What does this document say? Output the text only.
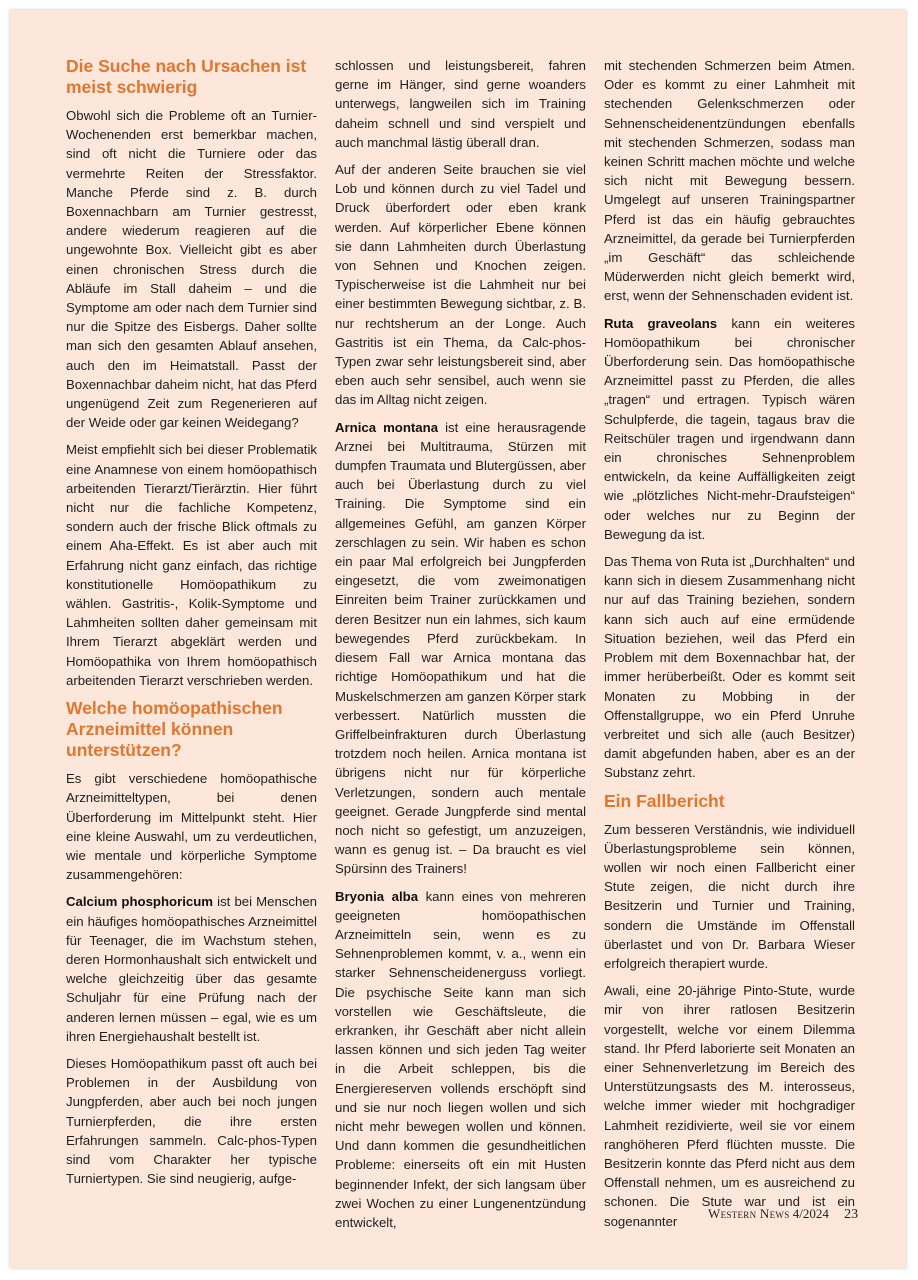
Die Suche nach Ursachen ist meist schwierig

Obwohl sich die Probleme oft an Turnier-Wochenenden erst bemerkbar machen, sind oft nicht die Turniere oder das vermehrte Reiten der Stressfaktor. Manche Pferde sind z. B. durch Boxennachbarn am Turnier gestresst, andere wiederum reagieren auf die ungewohnte Box. Vielleicht gibt es aber einen chronischen Stress durch die Abläufe im Stall daheim – und die Symptome am oder nach dem Turnier sind nur die Spitze des Eisbergs. Daher sollte man sich den gesamten Ablauf ansehen, auch den im Heimatstall. Passt der Boxennachbar daheim nicht, hat das Pferd ungenügend Zeit zum Regenerieren auf der Weide oder gar keinen Weidegang?

Meist empfiehlt sich bei dieser Problematik eine Anamnese von einem homöopathisch arbeitenden Tierarzt/Tierärztin. Hier führt nicht nur die fachliche Kompetenz, sondern auch der frische Blick oftmals zu einem Aha-Effekt. Es ist aber auch mit Erfahrung nicht ganz einfach, das richtige konstitutionelle Homöopathikum zu wählen. Gastritis-, Kolik-Symptome und Lahmheiten sollten daher gemeinsam mit Ihrem Tierarzt abgeklärt werden und Homöopathika von Ihrem homöopathisch arbeitenden Tierarzt verschrieben werden.

Welche homöopathischen Arzneimittel können unterstützen?

Es gibt verschiedene homöopathische Arzneimitteltypen, bei denen Überforderung im Mittelpunkt steht. Hier eine kleine Auswahl, um zu verdeutlichen, wie mentale und körperliche Symptome zusammengehören:

Calcium phosphoricum ist bei Menschen ein häufiges homöopathisches Arzneimittel für Teenager, die im Wachstum stehen, deren Hormonhaushalt sich entwickelt und welche gleichzeitig über das gesamte Schuljahr für eine Prüfung nach der anderen lernen müssen – egal, wie es um ihren Energiehaushalt bestellt ist.

Dieses Homöopathikum passt oft auch bei Problemen in der Ausbildung von Jungpferden, aber auch bei noch jungen Turnierpferden, die ihre ersten Erfahrungen sammeln. Calc-phos-Typen sind vom Charakter her typische Turniertypen. Sie sind neugierig, aufge-

schlossen und leistungsbereit, fahren gerne im Hänger, sind gerne woanders unterwegs, langweilen sich im Training daheim schnell und sind verspielt und auch manchmal lästig überall dran.

Auf der anderen Seite brauchen sie viel Lob und können durch zu viel Tadel und Druck überfordert oder eben krank werden. Auf körperlicher Ebene können sie dann Lahmheiten durch Überlastung von Sehnen und Knochen zeigen. Typischerweise ist die Lahmheit nur bei einer bestimmten Bewegung sichtbar, z. B. nur rechtsherum an der Longe. Auch Gastritis ist ein Thema, da Calc-phos-Typen zwar sehr leistungsbereit sind, aber eben auch sehr sensibel, auch wenn sie das im Alltag nicht zeigen.

Arnica montana ist eine herausragende Arznei bei Multitrauma, Stürzen mit dumpfen Traumata und Blutergüssen, aber auch bei Überlastung durch zu viel Training. Die Symptome sind ein allgemeines Gefühl, am ganzen Körper zerschlagen zu sein. Wir haben es schon ein paar Mal erfolgreich bei Jungpferden eingesetzt, die vom zweimonatigen Einreiten beim Trainer zurückkamen und deren Besitzer nun ein lahmes, sich kaum bewegendes Pferd zurückbekam. In diesem Fall war Arnica montana das richtige Homöopathikum und hat die Muskelschmerzen am ganzen Körper stark verbessert. Natürlich mussten die Griffelbeinfrakturen durch Überlastung trotzdem noch heilen. Arnica montana ist übrigens nicht nur für körperliche Verletzungen, sondern auch mentale geeignet. Gerade Jungpferde sind mental noch nicht so gefestigt, um anzuzeigen, wann es genug ist. – Da braucht es viel Spürsinn des Trainers!

Bryonia alba kann eines von mehreren geeigneten homöopathischen Arzneimitteln sein, wenn es zu Sehnenproblemen kommt, v. a., wenn ein starker Sehnenscheidenerguss vorliegt. Die psychische Seite kann man sich vorstellen wie Geschäftsleute, die erkranken, ihr Geschäft aber nicht allein lassen können und sich jeden Tag weiter in die Arbeit schleppen, bis die Energiereserven vollends erschöpft sind und sie nur noch liegen wollen und sich nicht mehr bewegen wollen und können. Und dann kommen die gesundheitlichen Probleme: einerseits oft ein mit Husten beginnender Infekt, der sich langsam über zwei Wochen zu einer Lungenentzündung entwickelt,

mit stechenden Schmerzen beim Atmen. Oder es kommt zu einer Lahmheit mit stechenden Gelenkschmerzen oder Sehnenscheidenentzündungen ebenfalls mit stechenden Schmerzen, sodass man keinen Schritt machen möchte und welche sich nicht mit Bewegung bessern. Umgelegt auf unseren Trainingspartner Pferd ist das ein häufig gebrauchtes Arzneimittel, da gerade bei Turnierpferden „im Geschäft“ das schleichende Müderwerden nicht gleich bemerkt wird, erst, wenn der Sehnenschaden evident ist.

Ruta graveolans kann ein weiteres Homöopathikum bei chronischer Überforderung sein. Das homöopathische Arzneimittel passt zu Pferden, die alles „tragen“ und ertragen. Typisch wären Schulpferde, die tagein, tagaus brav die Reitschüler tragen und irgendwann dann ein chronisches Sehnenproblem entwickeln, da keine Auffälligkeiten zeigt wie „plötzliches Nicht-mehr-Draufsteigen“ oder welches nur zu Beginn der Bewegung da ist.

Das Thema von Ruta ist „Durchhalten“ und kann sich in diesem Zusammenhang nicht nur auf das Training beziehen, sondern kann sich auch auf eine ermüdende Situation beziehen, weil das Pferd ein Problem mit dem Boxennachbar hat, der immer herüberbeißt. Oder es kommt seit Monaten zu Mobbing in der Offenstallgruppe, wo ein Pferd Unruhe verbreitet und sich alle (auch Besitzer) damit abgefunden haben, aber es an der Substanz zehrt.

Ein Fallbericht

Zum besseren Verständnis, wie individuell Überlastungsprobleme sein können, wollen wir noch einen Fallbericht einer Stute zeigen, die nicht durch ihre Besitzerin und Turnier und Training, sondern die Umstände im Offenstall überlastet und von Dr. Barbara Wieser erfolgreich therapiert wurde.

Awali, eine 20-jährige Pinto-Stute, wurde mir von ihrer ratlosen Besitzerin vorgestellt, welche vor einem Dilemma stand. Ihr Pferd laborierte seit Monaten an einer Sehnenverletzung im Bereich des Unterstützungsasts des M. interosseus, welche immer wieder mit hochgradiger Lahmheit rezidivierte, weil sie vor einem ranghöheren Pferd flüchten musste. Die Besitzerin konnte das Pferd nicht aus dem Offenstall nehmen, um es ausreichend zu schonen. Die Stute war und ist ein sogenannter

Western News 4/2024 23
